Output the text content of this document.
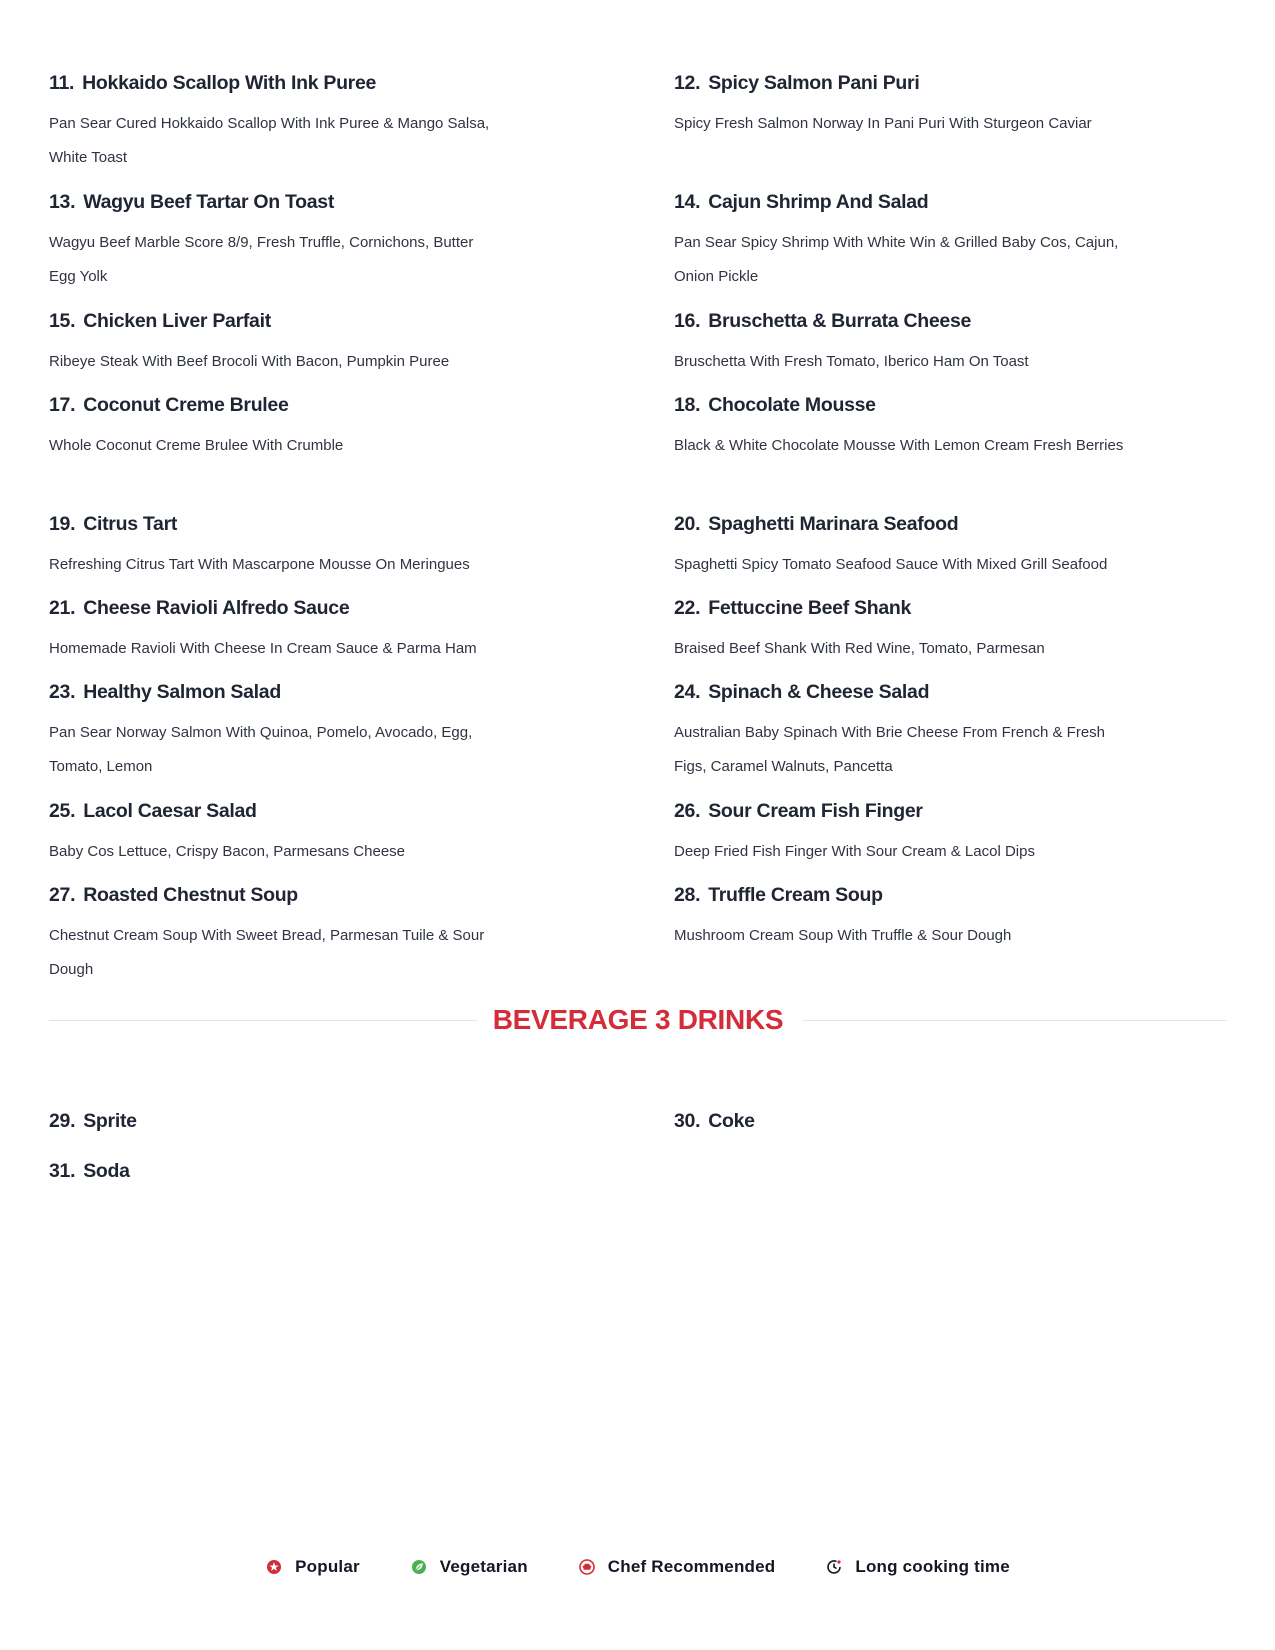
11. Hokkaido Scallop With Ink Puree
Pan Sear Cured Hokkaido Scallop With Ink Puree & Mango Salsa, White Toast
12. Spicy Salmon Pani Puri
Spicy Fresh Salmon Norway In Pani Puri With Sturgeon Caviar
13. Wagyu Beef Tartar On Toast
Wagyu Beef Marble Score 8/9, Fresh Truffle, Cornichons, Butter Egg Yolk
14. Cajun Shrimp And Salad
Pan Sear Spicy Shrimp With White Win & Grilled Baby Cos, Cajun, Onion Pickle
15. Chicken Liver Parfait
Ribeye Steak With Beef Brocoli With Bacon, Pumpkin Puree
16. Bruschetta & Burrata Cheese
Bruschetta With Fresh Tomato, Iberico Ham On Toast
17. Coconut Creme Brulee
Whole Coconut Creme Brulee With Crumble
18. Chocolate Mousse
Black & White Chocolate Mousse With Lemon Cream Fresh Berries
19. Citrus Tart
Refreshing Citrus Tart With Mascarpone Mousse On Meringues
20. Spaghetti Marinara Seafood
Spaghetti Spicy Tomato Seafood Sauce With Mixed Grill Seafood
21. Cheese Ravioli Alfredo Sauce
Homemade Ravioli With Cheese In Cream Sauce & Parma Ham
22. Fettuccine Beef Shank
Braised Beef Shank With Red Wine, Tomato, Parmesan
23. Healthy Salmon Salad
Pan Sear Norway Salmon With Quinoa, Pomelo, Avocado, Egg, Tomato, Lemon
24. Spinach & Cheese Salad
Australian Baby Spinach With Brie Cheese From French & Fresh Figs, Caramel Walnuts, Pancetta
25. Lacol Caesar Salad
Baby Cos Lettuce, Crispy Bacon, Parmesans Cheese
26. Sour Cream Fish Finger
Deep Fried Fish Finger With Sour Cream & Lacol Dips
27. Roasted Chestnut Soup
Chestnut Cream Soup With Sweet Bread, Parmesan Tuile & Sour Dough
28. Truffle Cream Soup
Mushroom Cream Soup With Truffle & Sour Dough
BEVERAGE 3 DRINKS
29. Sprite	30. Coke
31. Soda
Popular	Vegetarian	Chef Recommended	Long cooking time
